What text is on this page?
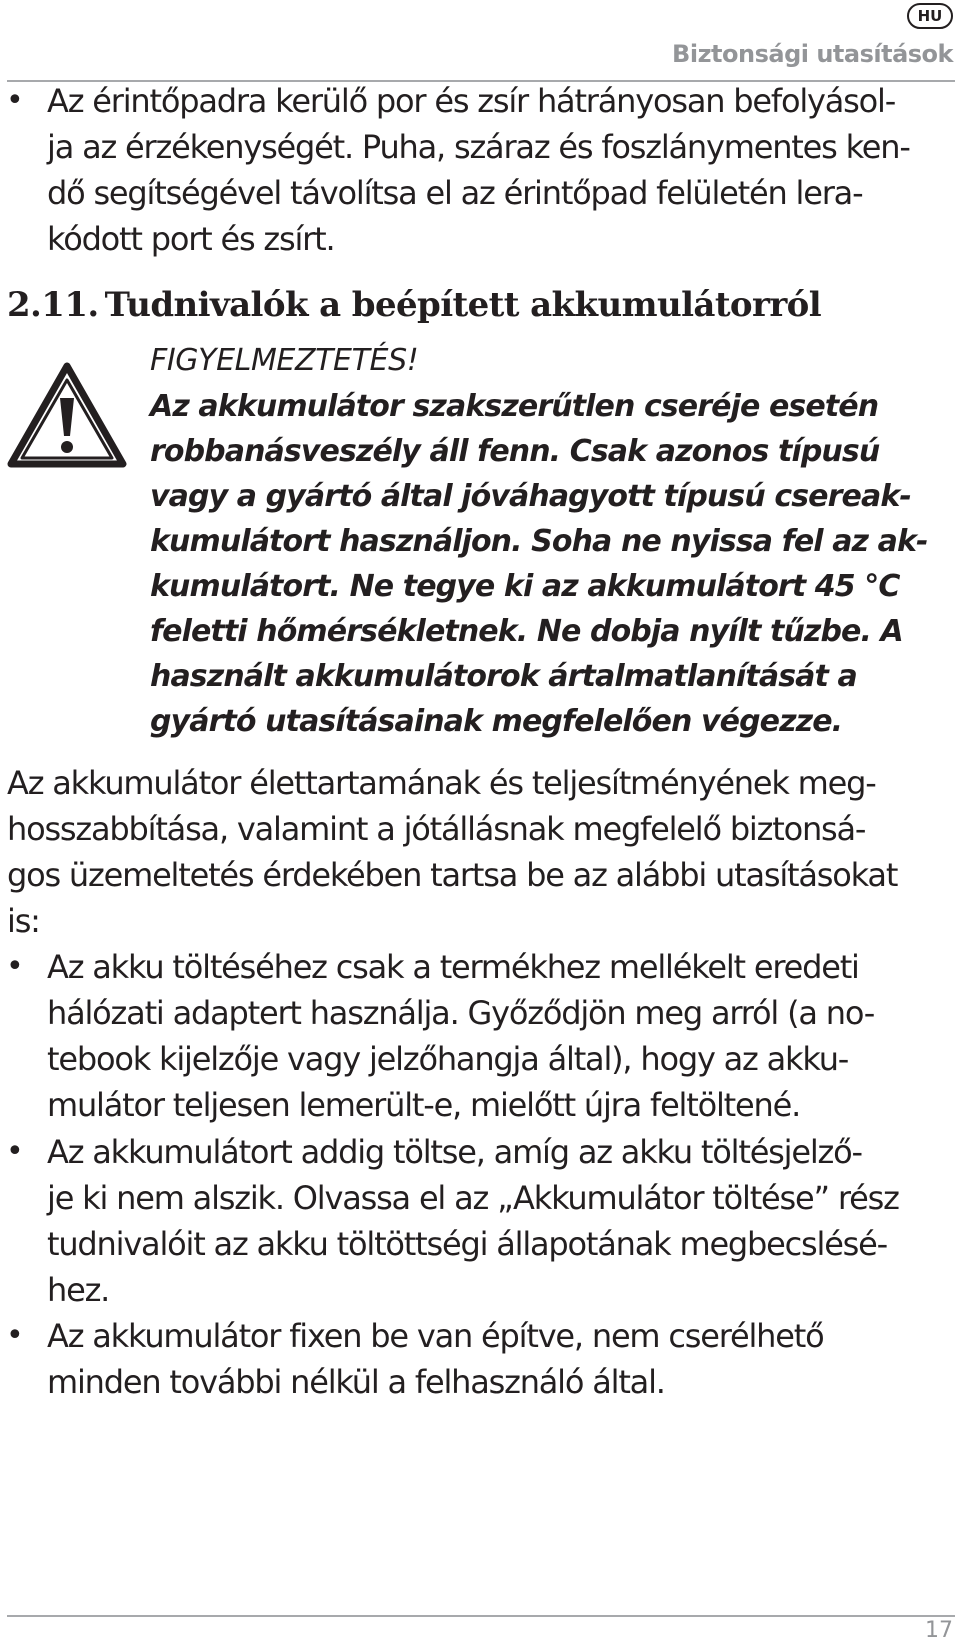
HU
Biztonsági utasítások
• Az érintőpadra kerülő por és zsír hátrányosan befolyásol-
ja az érzékenységét. Puha, száraz és foszlánymentes ken-
dő segítségével távolítsa el az érintőpad felületén lera-
kódott port és zsírt.

2.11. Tudnivalók a beépített akkumulátorról
FIGYELMEZTETÉS!

Az akkumulátor szakszerűtlen cseréje esetén
robbanásveszély áll fenn. Csak azonos típusú
vagy a gyártó által jóváhagyott típusú csereak-
kumulátort használjon. Soha ne nyissa fel az ak-
kumulátort. Ne tegye ki az akkumulátort 45 °C
feletti hőmérsékletnek. Ne dobja nyílt tűzbe. A
használt akkumulátorok ártalmatlanítását a
gyártó utasításainak megfelelően végezze.

Az akkumulátor élettartamának és teljesítményének meg-
hosszabbítása, valamint a jótállásnak megfelelő biztonsá-
gos üzemeltetés érdekében tartsa be az alábbi utasításokat
is:

• Az akku töltéséhez csak a termékhez mellékelt eredeti
hálózati adaptert használja. Győződjön meg arról (a no-
tebook kijelzője vagy jelzőhangja által), hogy az akku-
mulátor teljesen lemerült-e, mielőtt újra feltöltené.

• Az akkumulátort addig töltse, amíg az akku töltésjelző-
je ki nem alszik. Olvassa el az „Akkumulátor töltése” rész
tudnivalóit az akku töltöttségi állapotának megbecslésé-
hez.

• Az akkumulátor fixen be van építve, nem cserélhető
minden további nélkül a felhasználó által.

17
